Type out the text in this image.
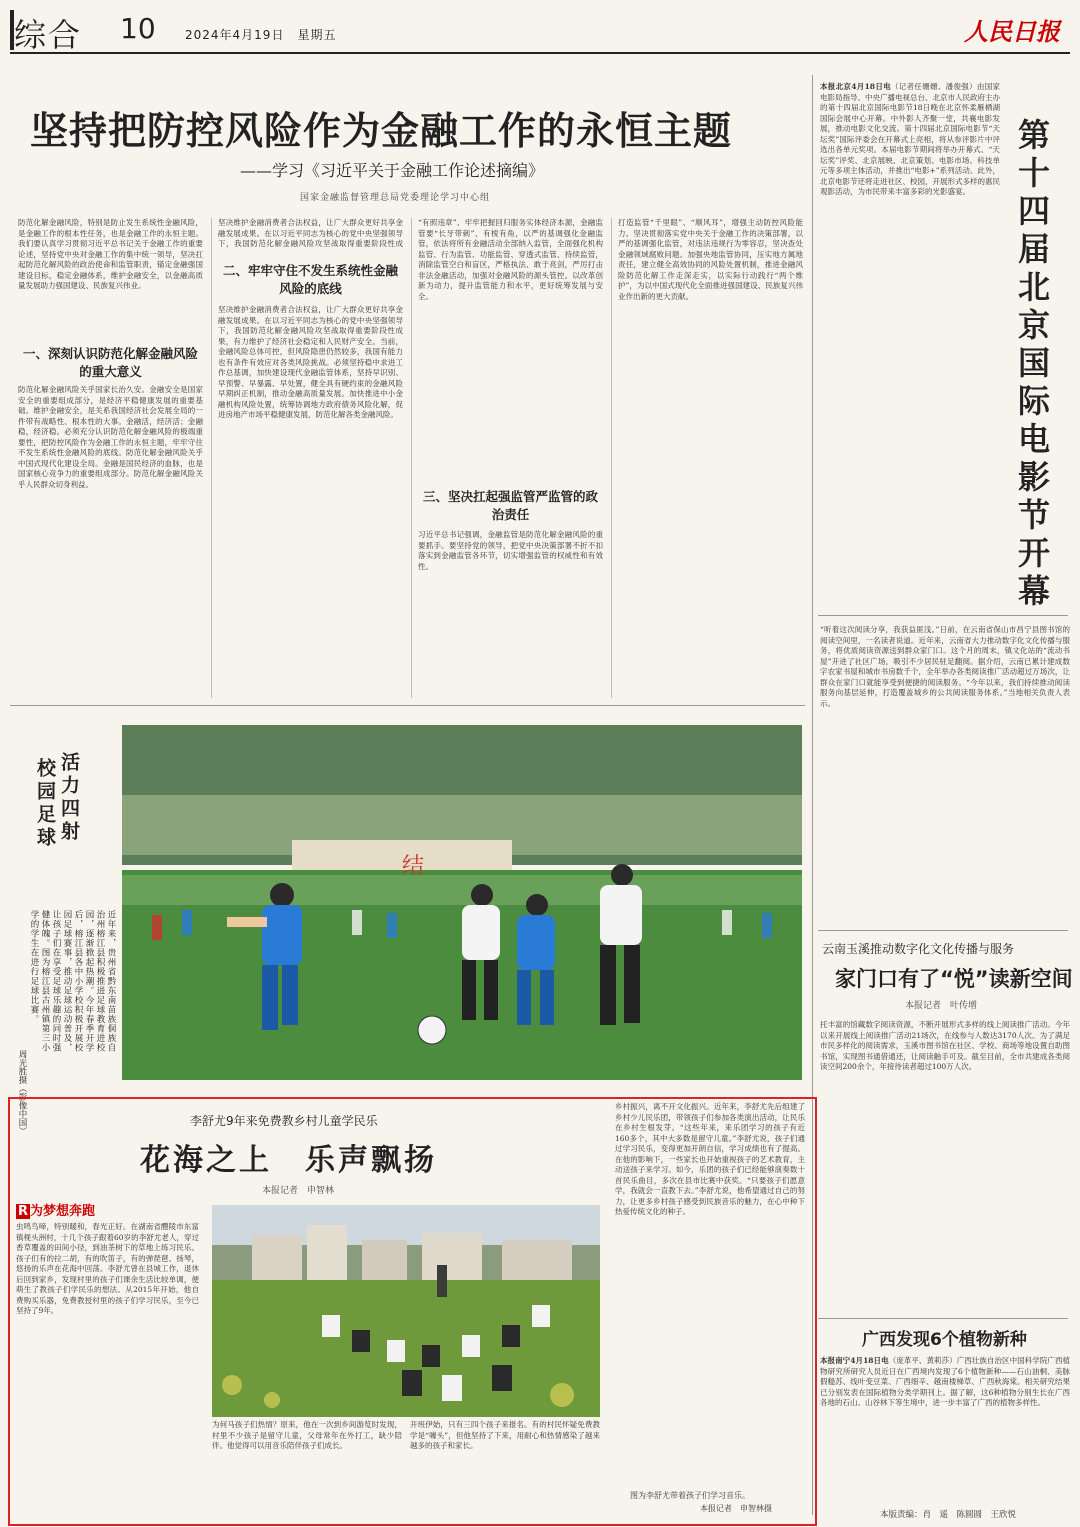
综合 10 2024年4月19日　星期五	人民日报
坚持把防控风险作为金融工作的永恒主题
——学习《习近平关于金融工作论述摘编》
国家金融监督管理总局党委理论学习中心组
防范化解金融风险，特别是防止发生系统性金融风险，是金融工作的根本性任务，也是金融工作的永恒主题。我们要认真学习贯彻习近平总书记关于金融工作的重要论述，坚持党中央对金融工作的集中统一领导，坚决扛起防范化解风险的政治使命和监管职责，锚定金融强国建设目标，稳定金融体系，维护金融安全，以金融高质量发展助力强国建设、民族复兴伟业。
一、深刻认识防范化解金融风险的重大意义
防范化解金融风险关乎国家长治久安。金融安全是国家安全的重要组成部分，是经济平稳健康发展的重要基础。维护金融安全，是关系我国经济社会发展全局的一件带有战略性、根本性的大事。金融活，经济活；金融稳，经济稳。必须充分认识防范化解金融风险的极端重要性，把防控风险作为金融工作的永恒主题，牢牢守住不发生系统性金融风险的底线。防范化解金融风险关乎中国式现代化建设全局。金融是国民经济的血脉，也是国家核心竞争力的重要组成部分。防范化解金融风险关乎人民群众切身利益。
坚决维护金融消费者合法权益，让广大群众更好共享金融发展成果。在以习近平同志为核心的党中央坚强领导下，我国防范化解金融风险攻坚战取得重要阶段性成
二、牢牢守住不发生系统性金融风险的底线
坚决维护金融消费者合法权益，让广大群众更好共享金融发展成果。在以习近平同志为核心的党中央坚强领导下，我国防范化解金融风险攻坚战取得重要阶段性成果，有力维护了经济社会稳定和人民财产安全。当前，金融风险总体可控，但风险隐患仍然较多，我国有能力也有条件有效应对各类风险挑战。必须坚持稳中求进工作总基调，加快建设现代金融监管体系，坚持早识别、早预警、早暴露、早处置，健全具有硬约束的金融风险早期纠正机制，推动金融高质量发展。加快推进中小金融机构风险处置，统筹协调地方政府债务风险化解，促进房地产市场平稳健康发展，防范化解各类金融风险。
“有照违章”、牢牢把握回归服务实体经济本源，金融监管要“长牙带刺”、有棱有角，以严的基调强化金融监管，依法将所有金融活动全部纳入监管，全面强化机构监管、行为监管、功能监管、穿透式监管、持续监管，消除监管空白和盲区，严格执法、敢于亮剑，严厉打击非法金融活动，加强对金融风险的源头管控。以改革创新为动力，提升监管能力和水平，更好统筹发展与安全。
三、坚决扛起强监管严监管的政治责任
习近平总书记强调，金融监管是防范化解金融风险的重要抓手。要坚持党的领导，把党中央决策部署不折不扣落实到金融监管各环节，切实增强监管的权威性和有效性。
打造监管“千里眼”、“顺风耳”，增强主动防控风险能力。坚决贯彻落实党中央关于金融工作的决策部署，以严的基调强化监管，对违法违规行为零容忍，坚决查处金融领域腐败问题。加强央地监管协同，压实地方属地责任，建立健全高效协同的风险处置机制，推进金融风险防范化解工作走深走实，以实际行动践行“两个维护”，为以中国式现代化全面推进强国建设、民族复兴伟业作出新的更大贡献。
本报北京4月18日电（记者任姗姗、潘俊强）由国家电影局指导、中央广播电视总台、北京市人民政府主办的第十四届北京国际电影节18日晚在北京怀柔雁栖湖国际会展中心开幕。中外影人齐聚一堂，共襄电影发展，推动电影文化交流。第十四届北京国际电影节“天坛奖”国际评委会在开幕式上亮相，将从参评影片中评选出各单元奖项。本届电影节期间将举办开幕式、“天坛奖”评奖、北京展映、北京策划、电影市场、科技单元等多项主体活动，并推出“电影+”系列活动。此外，北京电影节还将走进社区、校园，开展形式多样的惠民观影活动，为市民带来丰富多彩的光影盛宴。	第十四届北京国际电影节开幕
“听着这次阅读分享，我获益匪浅。”日前，在云南省保山市昌宁县图书馆的阅读空间里，一名读者说道。近年来，云南省大力推动数字化文化传播与服务，将优质阅读资源送到群众家门口。这个月的周末，镇文化站的“流动书屋”开进了社区广场，吸引不少居民驻足翻阅。据介绍，云南已累计建成数字农家书屋和城市书房数千个，全年举办各类阅读推广活动超过万场次，让群众在家门口就能享受到便捷的阅读服务。“今年以来，我们持续推动阅读服务向基层延伸，打造覆盖城乡的公共阅读服务体系。”当地相关负责人表示。
云南玉溪推动数字化文化传播与服务
家门口有了“悦”读新空间
本报记者　叶传增
托丰富的馆藏数字阅读资源，不断开展形式多样的线上阅读推广活动。今年以来开展线上阅读推广活动21场次，在线参与人数达3170人次。为了满足市民多样化的阅读需求，玉溪市图书馆在社区、学校、商场等地设置自助图书馆，实现图书通借通还，让阅读触手可及。截至目前，全市共建成各类阅读空间200余个，年接待读者超过100万人次。
广西发现6个植物新种
本报南宁4月18日电（庞革平、黄莉莎）广西壮族自治区中国科学院广西植物研究所研究人员近日在广西境内发现了6个植物新种——石山油桐、美脉假糙苏、线叶变豆菜、广西细辛、越南楼梯草、广西秋海棠。相关研究结果已分别发表在国际植物分类学期刊上。据了解，这6种植物分别生长在广西各地的石山、山谷林下等生境中，进一步丰富了广西的植物多样性。
本版责编：肖　遥　陈圆圆　王欣悦
活力四射
校园足球
近年来，贵州省黔东南苗族侗族自治州榕江县积极推进足球教育进校园，逐渐掀起热潮。今年春季开学后，榕江县各中小学校积极开展校园足球赛事，推动足球运动普及，让孩子们在享受足球乐趣的同时强健体魄。图为榕江县古州镇第三小学的学生在进行足球比赛。
周光胜摄（影像中国）
结
李舒尤9年来免费教乡村儿童学民乐
花海之上　乐声飘扬
本报记者　申智林
R 为梦想奔跑
虫鸣鸟啼，特别暖和，春光正好。在湖南省醴陵市东富镇枧头洲村，十几个孩子跟着60岁的李舒尤老人，穿过香草覆盖的田间小径，到油茶树下的草地上练习民乐。孩子们有的拉二胡，有的吹笛子，有的弹琵琶、扬琴，悠扬的乐声在花海中回荡。李舒尤曾在县城工作，退休后回到家乡，发现村里的孩子们课余生活比较单调，便萌生了教孩子们学民乐的想法。从2015年开始，他自费购买乐器，免费教授村里的孩子们学习民乐，至今已坚持了9年。
为何马孩子们热情？原来，他在一次到乡间游览时发现，村里不少孩子是留守儿童，父母常年在外打工，缺少陪伴。他觉得可以用音乐陪伴孩子们成长。
开班伊始，只有三四个孩子来报名。有的村民怀疑免费教学是“噱头”，但他坚持了下来，用耐心和热情感染了越来越多的孩子和家长。
乡村振兴，离不开文化振兴。近年来，李舒尤先后组建了乡村少儿民乐团，带领孩子们参加各类演出活动，让民乐在乡村生根发芽。“这些年来，来乐团学习的孩子有近160多个，其中大多数是留守儿童。”李舒尤说，孩子们通过学习民乐，变得更加开朗自信，学习成绩也有了提高。在他的影响下，一些家长也开始重视孩子的艺术教育，主动送孩子来学习。如今，乐团的孩子们已经能够演奏数十首民乐曲目，多次在县市比赛中获奖。“只要孩子们愿意学，我就会一直教下去。”李舒尤说，他希望通过自己的努力，让更多乡村孩子感受到民族音乐的魅力，在心中种下热爱传统文化的种子。
图为李舒尤带着孩子们学习音乐。
本报记者　申智林摄
